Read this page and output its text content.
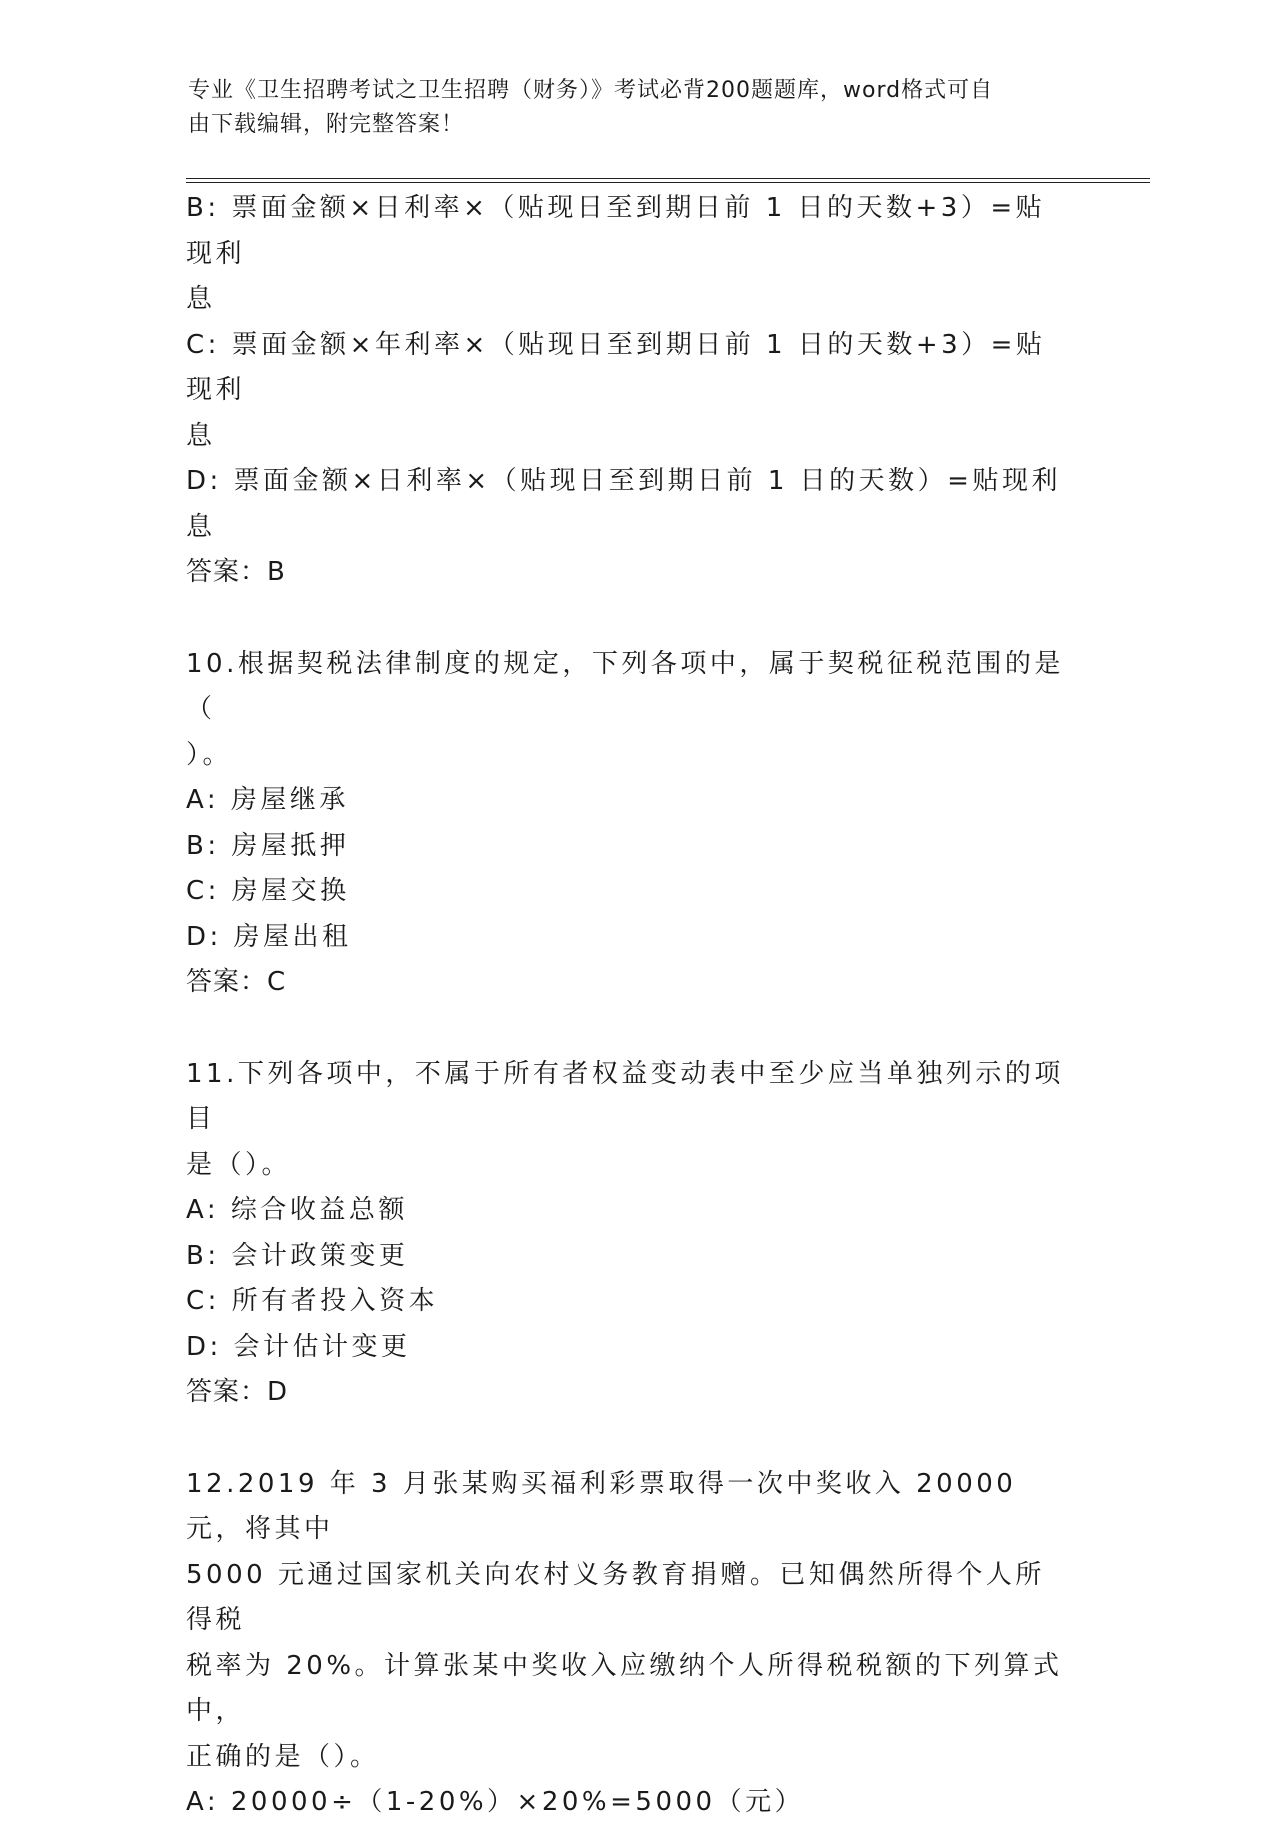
专业《卫生招聘考试之卫生招聘（财务）》考试必背200题题库，word格式可自
由下载编辑，附完整答案！
B: 票面金额×日利率×（贴现日至到期日前 1 日的天数+3）=贴现利
息
C: 票面金额×年利率×（贴现日至到期日前 1 日的天数+3）=贴现利
息
D: 票面金额×日利率×（贴现日至到期日前 1 日的天数）=贴现利息
答案：B
10.根据契税法律制度的规定，下列各项中，属于契税征税范围的是（
）。
A: 房屋继承
B: 房屋抵押
C: 房屋交换
D: 房屋出租
答案：C
11.下列各项中，不属于所有者权益变动表中至少应当单独列示的项目
是（）。
A: 综合收益总额
B: 会计政策变更
C: 所有者投入资本
D: 会计估计变更
答案：D
12.2019 年 3 月张某购买福利彩票取得一次中奖收入 20000 元，将其中
5000 元通过国家机关向农村义务教育捐赠。已知偶然所得个人所得税
税率为 20%。计算张某中奖收入应缴纳个人所得税税额的下列算式中，
正确的是（）。
A: 20000÷（1-20%）×20%=5000（元）
